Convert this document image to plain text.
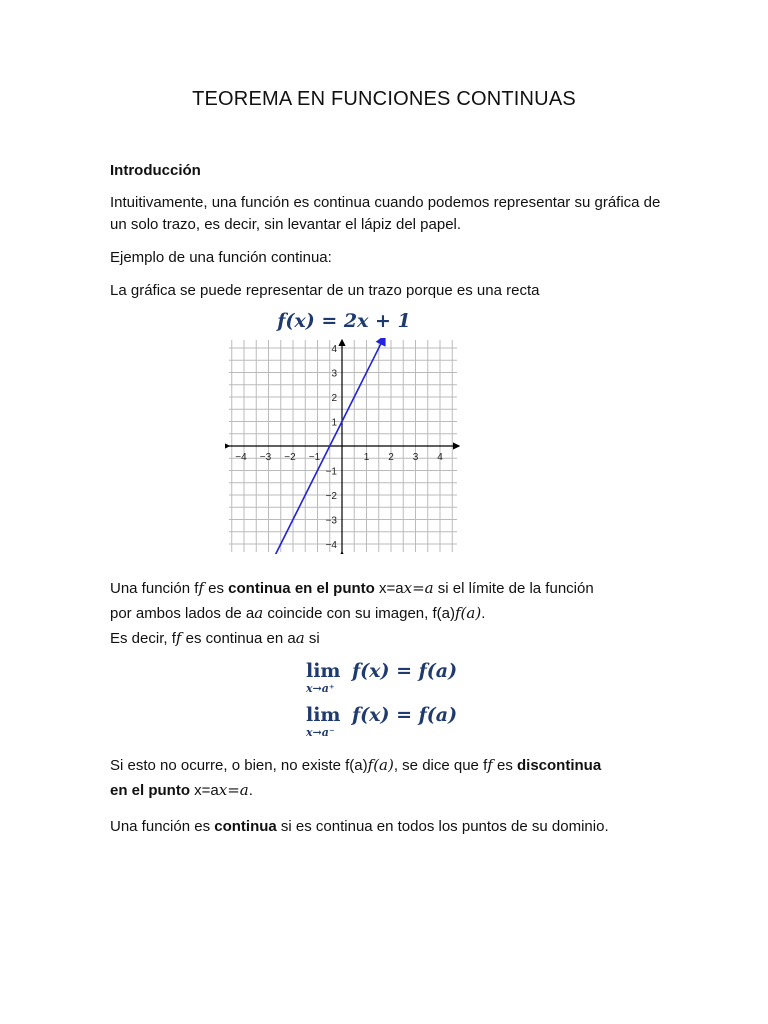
TEOREMA EN FUNCIONES CONTINUAS
Introducción
Intuitivamente, una función es continua cuando podemos representar su gráfica de un solo trazo, es decir, sin levantar el lápiz del papel.
Ejemplo de una función continua:
La gráfica se puede representar de un trazo porque es una recta
f(x) = 2x + 1
−4 −3 −2 −1	1 2 3 4
4
3
2
1
−1
−2
−3
−4
Una función ff es continua en el punto x=ax=a si el límite de la función
por ambos lados de aa coincide con su imagen, f(a)f(a).
Es decir, ff es continua en aa si
lim
x→a⁺
f(x) = f(a)
lim
x→a⁻
f(x) = f(a)
Si esto no ocurre, o bien, no existe f(a)f(a), se dice que ff es discontinua
en el punto x=ax=a.
Una función es continua si es continua en todos los puntos de su dominio.
